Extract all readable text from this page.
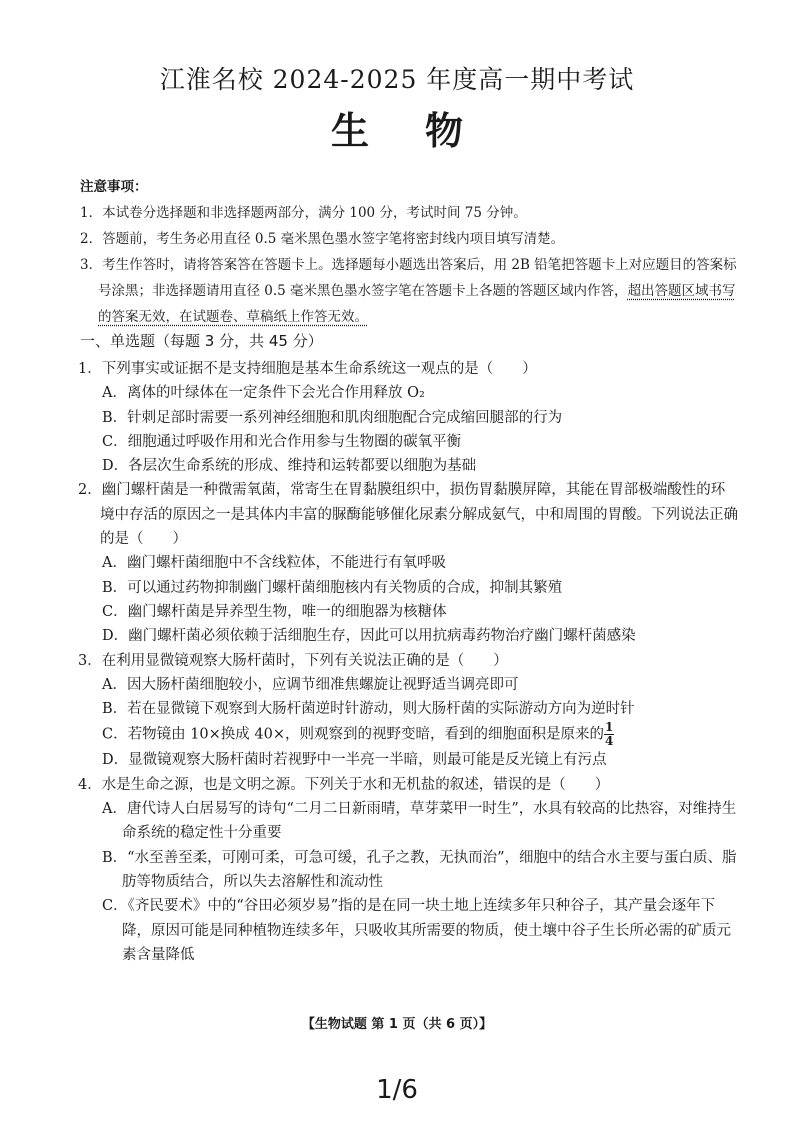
江淮名校 2024-2025 年度高一期中考试
生物
注意事项：
1．本试卷分选择题和非选择题两部分，满分 100 分，考试时间 75 分钟。
2．答题前，考生务必用直径 0.5 毫米黑色墨水签字笔将密封线内项目填写清楚。
3．考生作答时，请将答案答在答题卡上。选择题每小题选出答案后，用 2B 铅笔把答题卡上对应题目的答案标号涂黑；非选择题请用直径 0.5 毫米黑色墨水签字笔在答题卡上各题的答题区域内作答，超出答题区域书写的答案无效，在试题卷、草稿纸上作答无效。
一、单选题（每题 3 分，共 45 分）
1．下列事实或证据不是支持细胞是基本生命系统这一观点的是（　　）
A．离体的叶绿体在一定条件下会光合作用释放 O₂
B．针刺足部时需要一系列神经细胞和肌肉细胞配合完成缩回腿部的行为
C．细胞通过呼吸作用和光合作用参与生物圈的碳氧平衡
D．各层次生命系统的形成、维持和运转都要以细胞为基础
2．幽门螺杆菌是一种微需氧菌，常寄生在胃黏膜组织中，损伤胃黏膜屏障，其能在胃部极端酸性的环境中存活的原因之一是其体内丰富的脲酶能够催化尿素分解成氨气，中和周围的胃酸。下列说法正确的是（　　）
A．幽门螺杆菌细胞中不含线粒体，不能进行有氧呼吸
B．可以通过药物抑制幽门螺杆菌细胞核内有关物质的合成，抑制其繁殖
C．幽门螺杆菌是异养型生物，唯一的细胞器为核糖体
D．幽门螺杆菌必须依赖于活细胞生存，因此可以用抗病毒药物治疗幽门螺杆菌感染
3．在利用显微镜观察大肠杆菌时，下列有关说法正确的是（　　）
A．因大肠杆菌细胞较小，应调节细准焦螺旋让视野适当调亮即可
B．若在显微镜下观察到大肠杆菌逆时针游动，则大肠杆菌的实际游动方向为逆时针
C．若物镜由 10×换成 40×，则观察到的视野变暗，看到的细胞面积是原来的 $\frac{1}{4}$
D．显微镜观察大肠杆菌时若视野中一半亮一半暗，则最可能是反光镜上有污点
4．水是生命之源，也是文明之源。下列关于水和无机盐的叙述，错误的是（　　）
A．唐代诗人白居易写的诗句“二月二日新雨晴，草芽菜甲一时生”，水具有较高的比热容，对维持生命系统的稳定性十分重要
B．“水至善至柔，可刚可柔，可急可缓，孔子之教，无执而治”，细胞中的结合水主要与蛋白质、脂肪等物质结合，所以失去溶解性和流动性
C．《齐民要术》中的“谷田必须岁易”指的是在同一块土地上连续多年只种谷子，其产量会逐年下降，原因可能是同种植物连续多年，只吸收其所需要的物质，使土壤中谷子生长所必需的矿质元素含量降低
【生物试题 第 1 页（共 6 页）】
1/6
